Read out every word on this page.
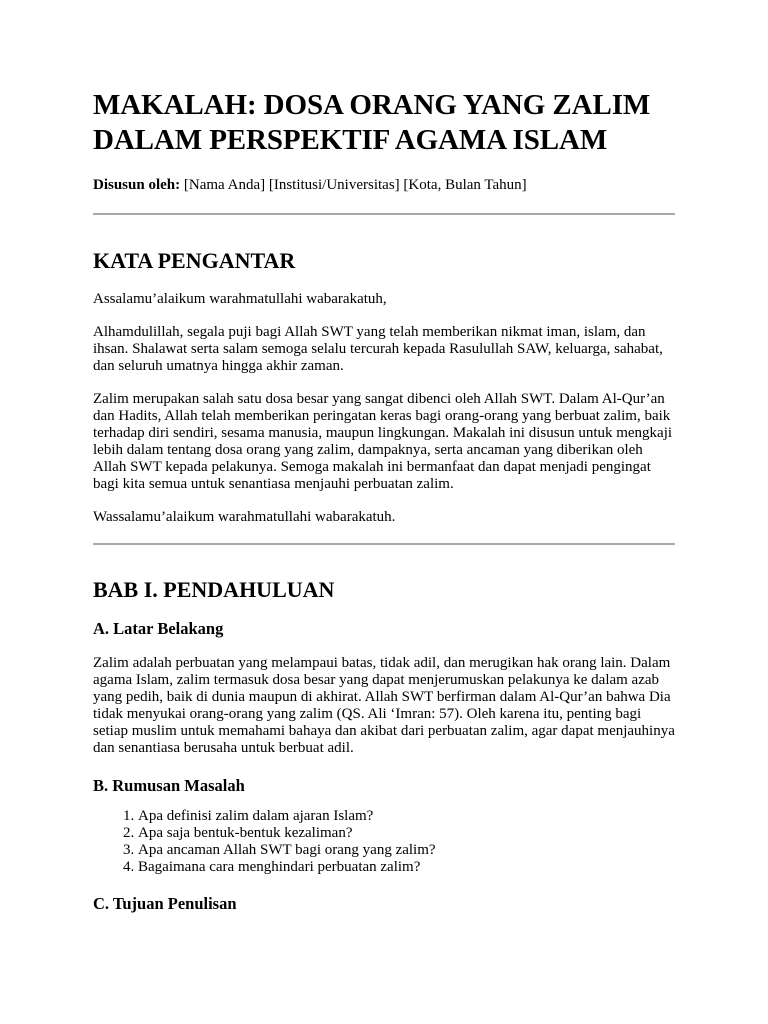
MAKALAH: DOSA ORANG YANG ZALIM DALAM PERSPEKTIF AGAMA ISLAM
Disusun oleh: [Nama Anda] [Institusi/Universitas] [Kota, Bulan Tahun]
KATA PENGANTAR

Assalamu’alaikum warahmatullahi wabarakatuh,

Alhamdulillah, segala puji bagi Allah SWT yang telah memberikan nikmat iman, islam, dan ihsan. Shalawat serta salam semoga selalu tercurah kepada Rasulullah SAW, keluarga, sahabat, dan seluruh umatnya hingga akhir zaman.

Zalim merupakan salah satu dosa besar yang sangat dibenci oleh Allah SWT. Dalam Al-Qur’an dan Hadits, Allah telah memberikan peringatan keras bagi orang-orang yang berbuat zalim, baik terhadap diri sendiri, sesama manusia, maupun lingkungan. Makalah ini disusun untuk mengkaji lebih dalam tentang dosa orang yang zalim, dampaknya, serta ancaman yang diberikan oleh Allah SWT kepada pelakunya. Semoga makalah ini bermanfaat dan dapat menjadi pengingat bagi kita semua untuk senantiasa menjauhi perbuatan zalim.

Wassalamu’alaikum warahmatullahi wabarakatuh.

BAB I. PENDAHULUAN
A. Latar Belakang

Zalim adalah perbuatan yang melampaui batas, tidak adil, dan merugikan hak orang lain. Dalam agama Islam, zalim termasuk dosa besar yang dapat menjerumuskan pelakunya ke dalam azab yang pedih, baik di dunia maupun di akhirat. Allah SWT berfirman dalam Al-Qur’an bahwa Dia tidak menyukai orang-orang yang zalim (QS. Ali ‘Imran: 57). Oleh karena itu, penting bagi setiap muslim untuk memahami bahaya dan akibat dari perbuatan zalim, agar dapat menjauhinya dan senantiasa berusaha untuk berbuat adil.

B. Rumusan Masalah
1. Apa definisi zalim dalam ajaran Islam?
2. Apa saja bentuk-bentuk kezaliman?
3. Apa ancaman Allah SWT bagi orang yang zalim?
4. Bagaimana cara menghindari perbuatan zalim?
C. Tujuan Penulisan
